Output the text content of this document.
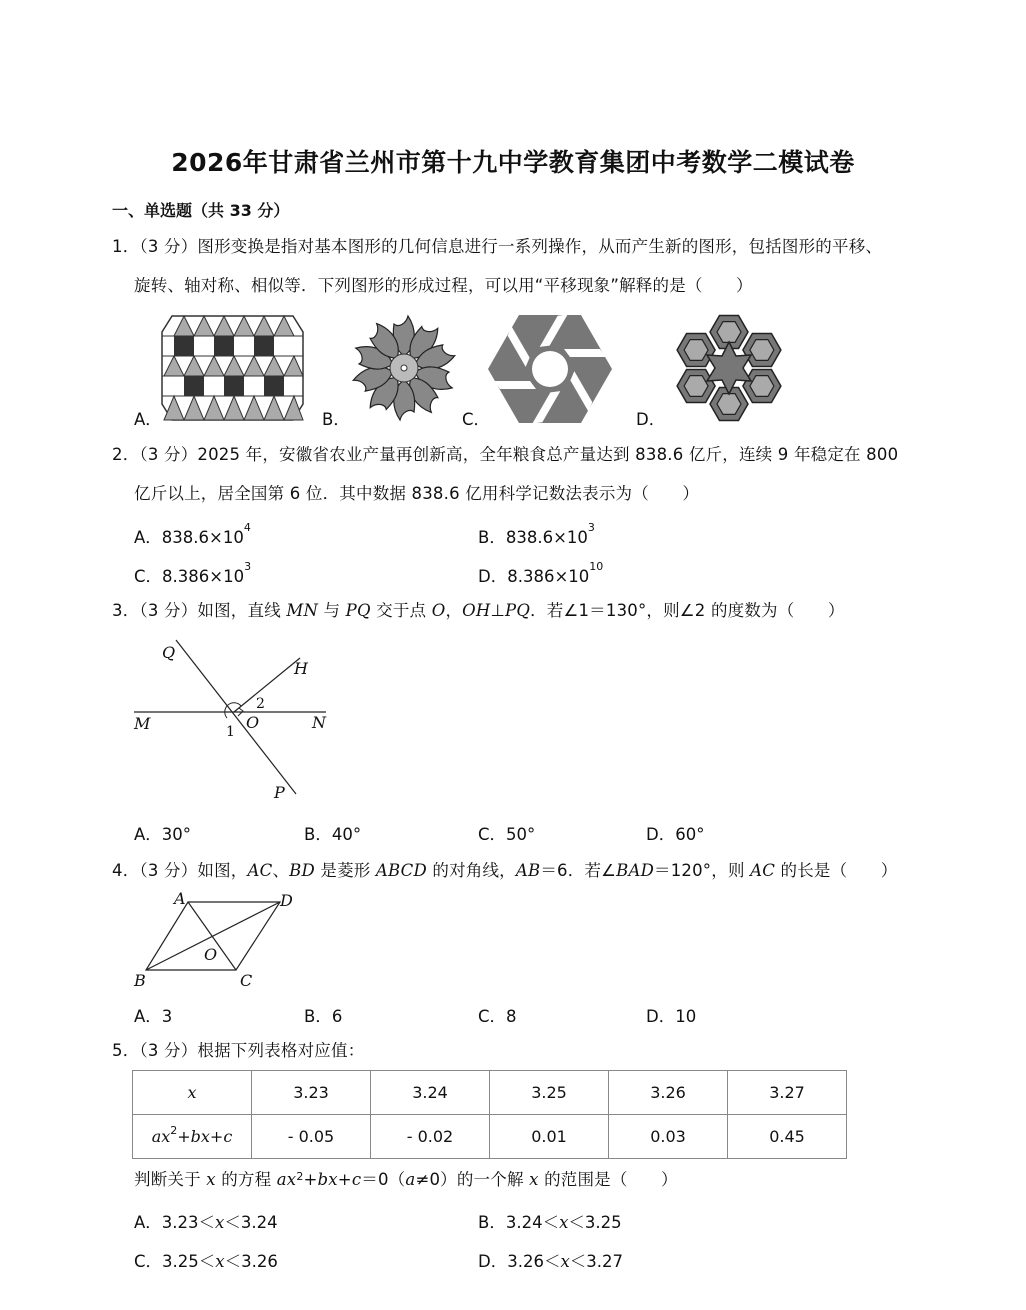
2026年甘肃省兰州市第十九中学教育集团中考数学二模试卷
一、单选题（共 33 分）
1．（3 分）图形变换是指对基本图形的几何信息进行一系列操作，从而产生新的图形，包括图形的平移、
旋转、轴对称、相似等．下列图形的形成过程，可以用“平移现象”解释的是（　　）
A．	B．	C．	D．
2．（3 分）2025 年，安徽省农业产量再创新高，全年粮食总产量达到 838.6 亿斤，连续 9 年稳定在 800
亿斤以上，居全国第 6 位．其中数据 838.6 亿用科学记数法表示为（　　）
A．$838.6\times 10^4$
B．$838.6\times 10^3$
C．$8.386\times 10^3$
D．$8.386\times 10^{10}$
3．（3 分）如图，直线 MN 与 PQ 交于点 O，OH⊥PQ．若∠1＝130°，则∠2 的度数为（　　）
Q
H
M	N
O
P
1
2
A．30°	B．40°	C．50°	D．60°
4．（3 分）如图，AC、BD 是菱形 ABCD 的对角线，AB＝6．若∠BAD＝120°，则 AC 的长是（　　）
A	D
B	C
O
A．3	B．6	C．8	D．10
5．（3 分）根据下列表格对应值：
x	3.23	3.24	3.25	3.26	3.27
$ax^2+bx+c$	- 0.05	- 0.02	0.01	0.03	0.45
判断关于 x 的方程 $ax^2+bx+c=0(a\ne 0)$的一个解 x 的范围是（　　）
A．3.23＜x＜3.24	B．3.24＜x＜3.25
C．3.25＜x＜3.26	D．3.26＜x＜3.27
